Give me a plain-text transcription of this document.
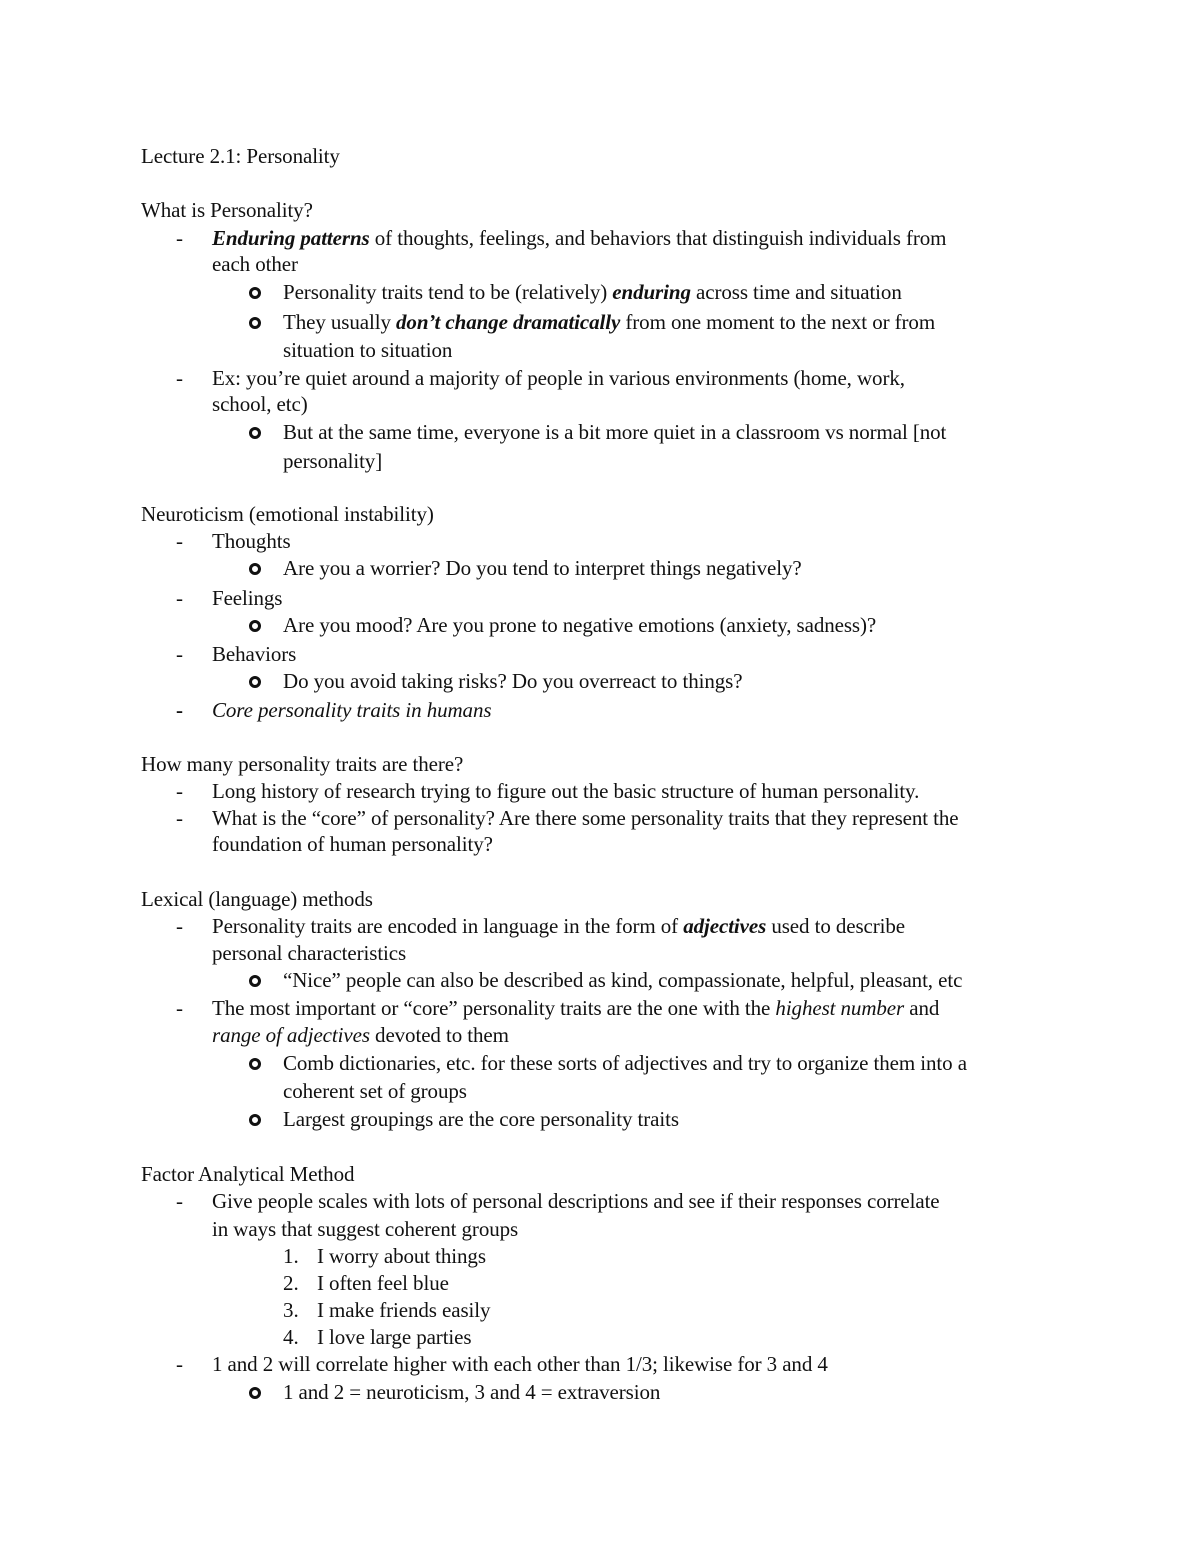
Lecture 2.1: Personality
What is Personality?
- Enduring patterns of thoughts, feelings, and behaviors that distinguish individuals from
each other
Personality traits tend to be (relatively) enduring across time and situation
They usually don’t change dramatically from one moment to the next or from
situation to situation
- Ex: you’re quiet around a majority of people in various environments (home, work,
school, etc)
But at the same time, everyone is a bit more quiet in a classroom vs normal [not
personality]
Neuroticism (emotional instability)
- Thoughts
Are you a worrier? Do you tend to interpret things negatively?
- Feelings
Are you mood? Are you prone to negative emotions (anxiety, sadness)?
- Behaviors
Do you avoid taking risks? Do you overreact to things?
- Core personality traits in humans
How many personality traits are there?
- Long history of research trying to figure out the basic structure of human personality.
- What is the “core” of personality? Are there some personality traits that they represent the
foundation of human personality?
Lexical (language) methods
- Personality traits are encoded in language in the form of adjectives used to describe
personal characteristics
“Nice” people can also be described as kind, compassionate, helpful, pleasant, etc
- The most important or “core” personality traits are the one with the highest number and
range of adjectives devoted to them
Comb dictionaries, etc. for these sorts of adjectives and try to organize them into a
coherent set of groups
Largest groupings are the core personality traits
Factor Analytical Method
- Give people scales with lots of personal descriptions and see if their responses correlate
in ways that suggest coherent groups
1. I worry about things
2. I often feel blue
3. I make friends easily
4. I love large parties
- 1 and 2 will correlate higher with each other than 1/3; likewise for 3 and 4
1 and 2 = neuroticism, 3 and 4 = extraversion
